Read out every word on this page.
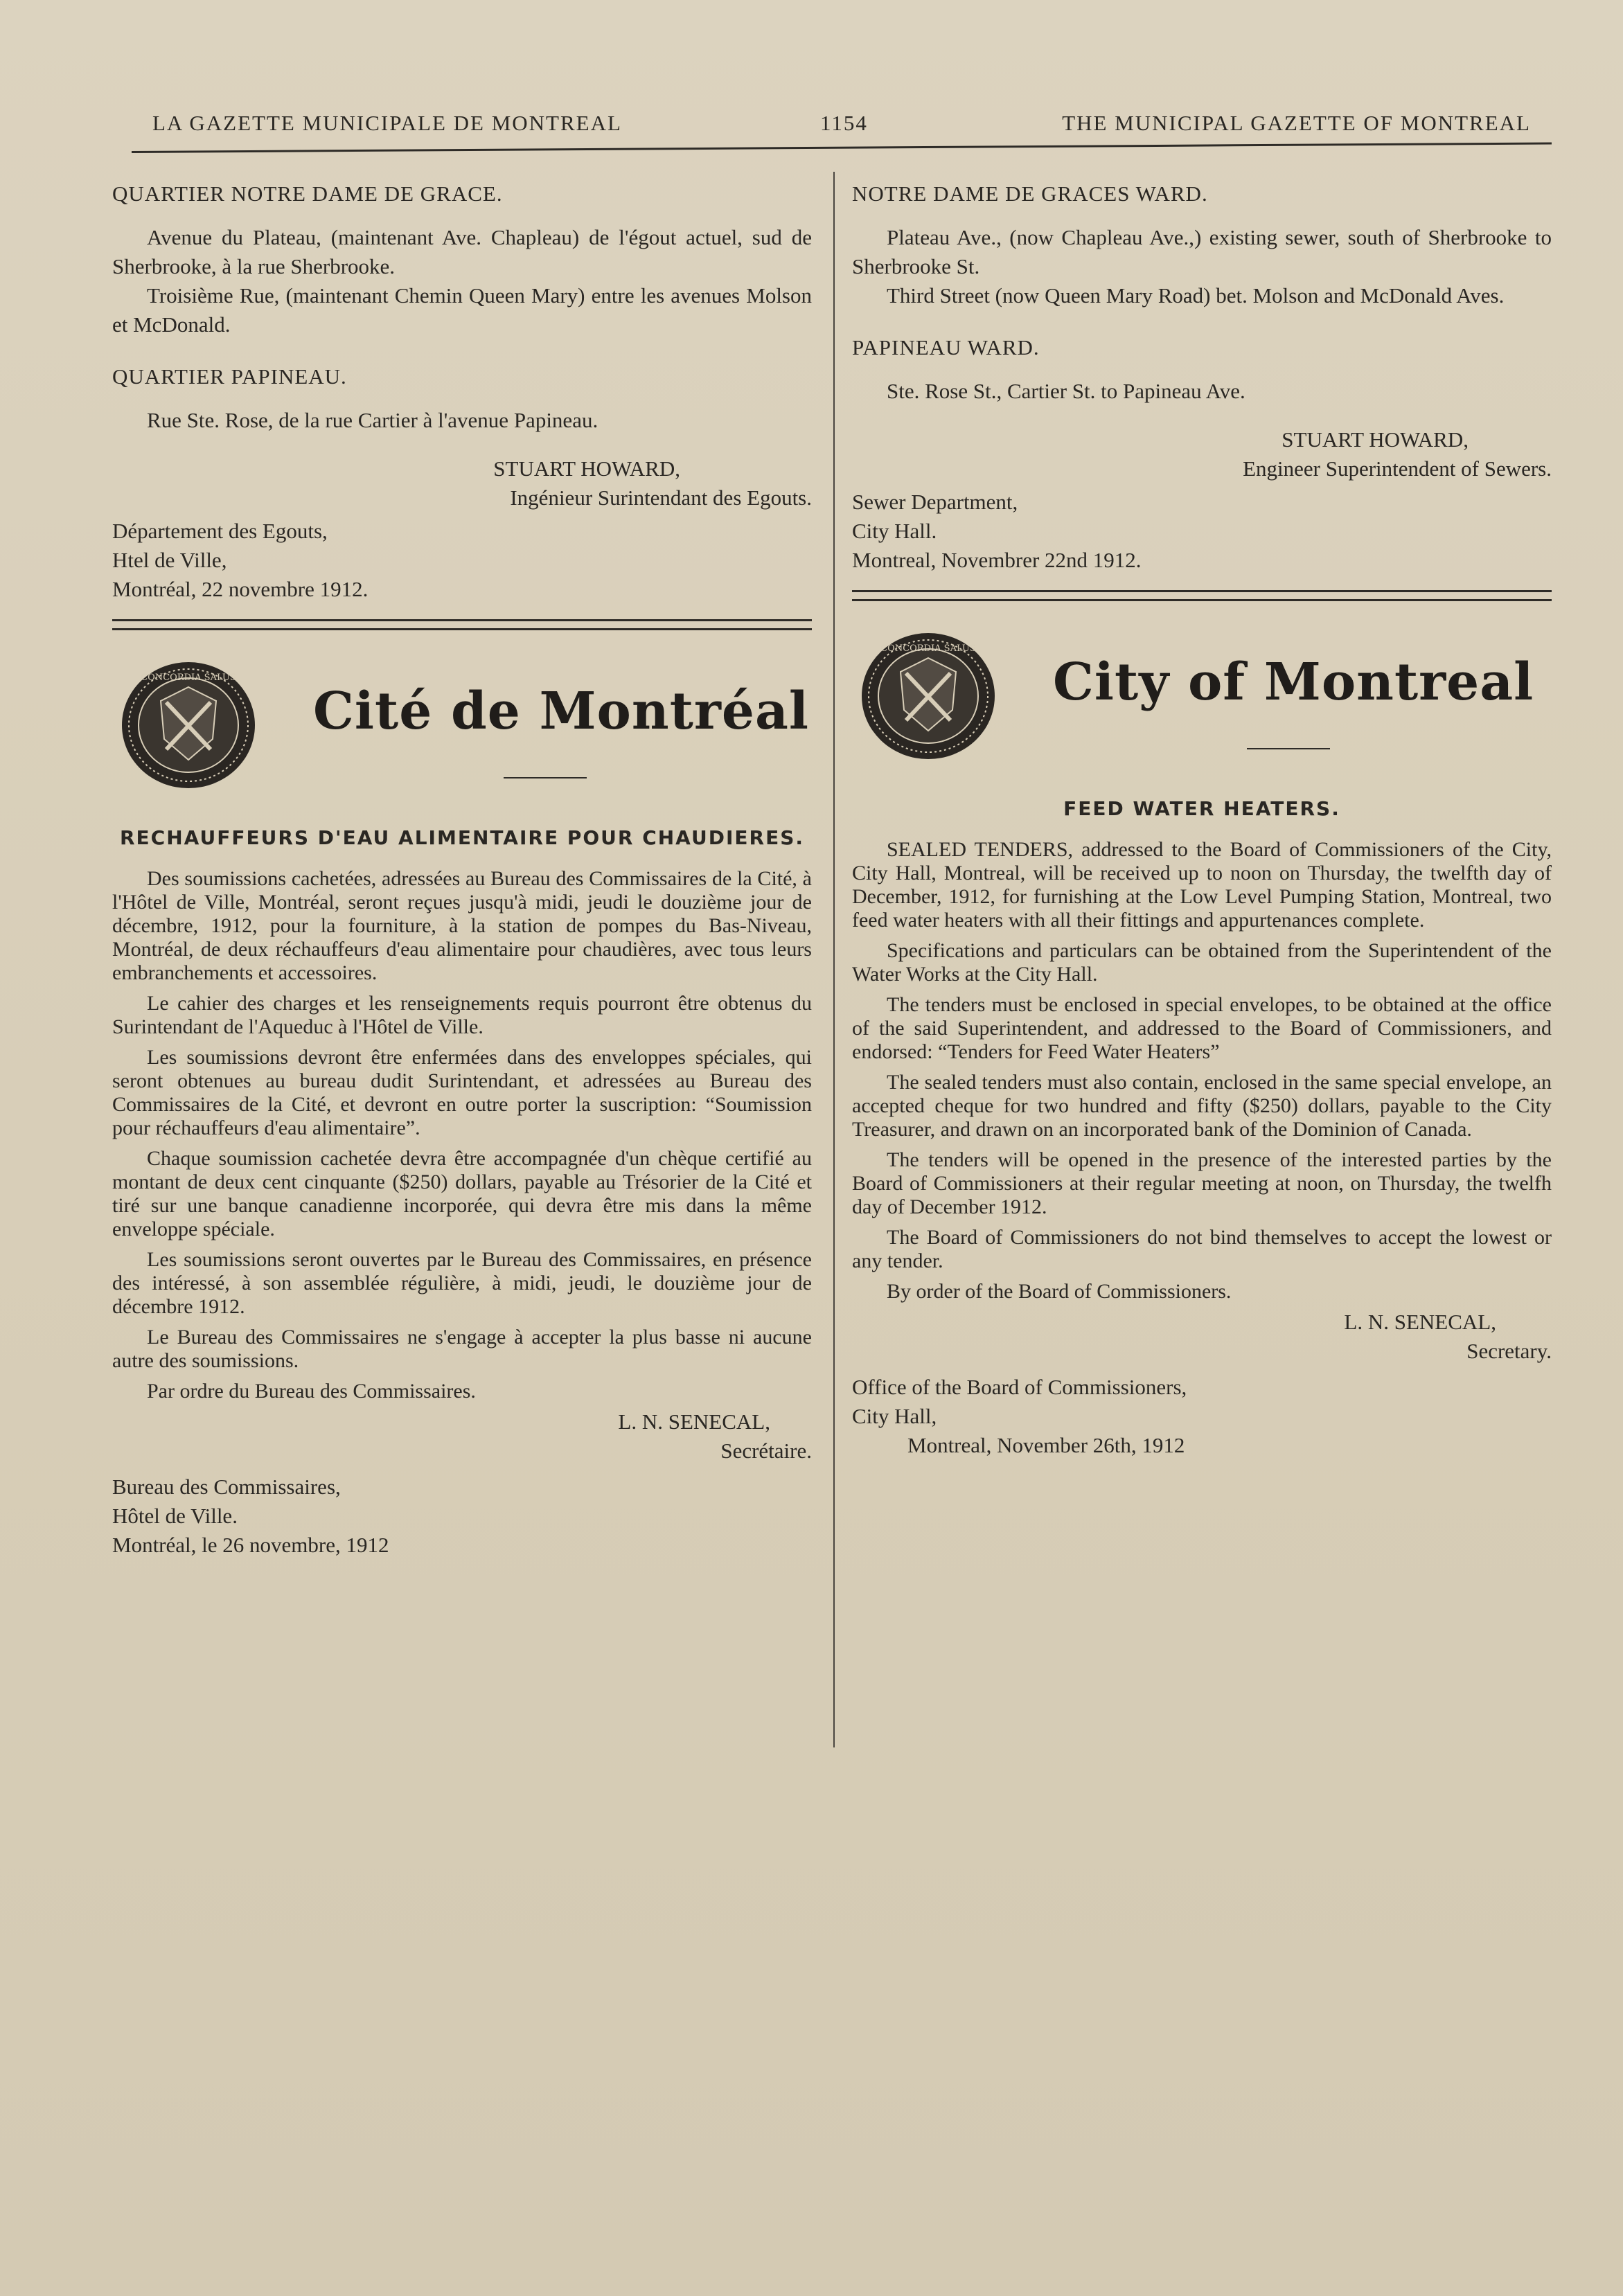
LA GAZETTE MUNICIPALE DE MONTREAL	1154	THE MUNICIPAL GAZETTE OF MONTREAL
QUARTIER NOTRE DAME DE GRACE.

Avenue du Plateau, (maintenant Ave. Chapleau) de l'égout actuel, sud de Sherbrooke, à la rue Sherbrooke.

Troisième Rue, (maintenant Chemin Queen Mary) entre les avenues Molson et McDonald.

QUARTIER PAPINEAU.

Rue Ste. Rose, de la rue Cartier à l'avenue Papineau.

STUART HOWARD,
Ingénieur Surintendant des Egouts.
Département des Egouts,
Htel de Ville,
Montréal, 22 novembre 1912.
CONCORDIA SALUS
Cité de Montréal
RECHAUFFEURS D'EAU ALIMENTAIRE POUR CHAUDIERES.

Des soumissions cachetées, adressées au Bureau des Commissaires de la Cité, à l'Hôtel de Ville, Montréal, seront reçues jusqu'à midi, jeudi le douzième jour de décembre, 1912, pour la fourniture, à la station de pompes du Bas-Niveau, Montréal, de deux réchauffeurs d'eau alimentaire pour chaudières, avec tous leurs embranchements et accessoires.

Le cahier des charges et les renseignements requis pourront être obtenus du Surintendant de l'Aqueduc à l'Hôtel de Ville.

Les soumissions devront être enfermées dans des enveloppes spéciales, qui seront obtenues au bureau dudit Surintendant, et adressées au Bureau des Commissaires de la Cité, et devront en outre porter la suscription: “Soumission pour réchauffeurs d'eau alimentaire”.

Chaque soumission cachetée devra être accompagnée d'un chèque certifié au montant de deux cent cinquante ($250) dollars, payable au Trésorier de la Cité et tiré sur une banque canadienne incorporée, qui devra être mis dans la même enveloppe spéciale.

Les soumissions seront ouvertes par le Bureau des Commissaires, en présence des intéressé, à son assemblée régulière, à midi, jeudi, le douzième jour de décembre 1912.

Le Bureau des Commissaires ne s'engage à accepter la plus basse ni aucune autre des soumissions.

Par ordre du Bureau des Commissaires.

L. N. SENECAL,
Secrétaire.
Bureau des Commissaires,
Hôtel de Ville.
Montréal, le 26 novembre, 1912
NOTRE DAME DE GRACES WARD.

Plateau Ave., (now Chapleau Ave.,) existing sewer, south of Sherbrooke to Sherbrooke St.

Third Street (now Queen Mary Road) bet. Molson and McDonald Aves.

PAPINEAU WARD.

Ste. Rose St., Cartier St. to Papineau Ave.

STUART HOWARD,
Engineer Superintendent of Sewers.
Sewer Department,
City Hall.
Montreal, Novembrer 22nd 1912.
CONCORDIA SALUS
City of Montreal
FEED WATER HEATERS.

SEALED TENDERS, addressed to the Board of Commissioners of the City, City Hall, Montreal, will be received up to noon on Thursday, the twelfth day of December, 1912, for furnishing at the Low Level Pumping Station, Montreal, two feed water heaters with all their fittings and appurtenances complete.

Specifications and particulars can be obtained from the Superintendent of the Water Works at the City Hall.

The tenders must be enclosed in special envelopes, to be obtained at the office of the said Superintendent, and addressed to the Board of Commissioners, and endorsed: “Tenders for Feed Water Heaters”

The sealed tenders must also contain, enclosed in the same special envelope, an accepted cheque for two hundred and fifty ($250) dollars, payable to the City Treasurer, and drawn on an incorporated bank of the Dominion of Canada.

The tenders will be opened in the presence of the interested parties by the Board of Commissioners at their regular meeting at noon, on Thursday, the twelfh day of December 1912.

The Board of Commissioners do not bind themselves to accept the lowest or any tender.

By order of the Board of Commissioners.

L. N. SENECAL,
Secretary.
Office of the Board of Commissioners,
City Hall,
Montreal, November 26th, 1912
